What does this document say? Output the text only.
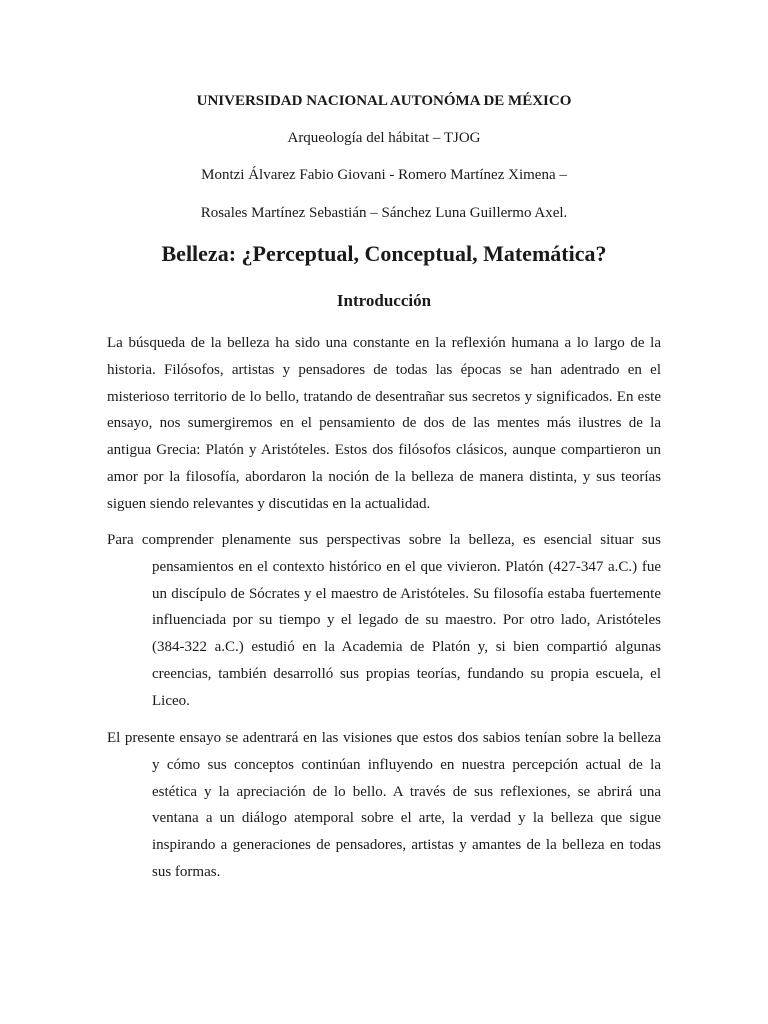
UNIVERSIDAD NACIONAL AUTONÓMA DE MÉXICO
Arqueología del hábitat – TJOG
Montzi Álvarez Fabio Giovani - Romero Martínez Ximena –
Rosales Martínez Sebastián – Sánchez Luna Guillermo Axel.
Belleza: ¿Perceptual, Conceptual, Matemática?
Introducción
La búsqueda de la belleza ha sido una constante en la reflexión humana a lo largo de la
historia. Filósofos, artistas y pensadores de todas las épocas se han adentrado en el
misterioso territorio de lo bello, tratando de desentrañar sus secretos y significados. En este
ensayo, nos sumergiremos en el pensamiento de dos de las mentes más ilustres de la
antigua Grecia: Platón y Aristóteles. Estos dos filósofos clásicos, aunque compartieron un
amor por la filosofía, abordaron la noción de la belleza de manera distinta, y sus teorías
siguen siendo relevantes y discutidas en la actualidad.
Para comprender plenamente sus perspectivas sobre la belleza, es esencial situar sus
pensamientos en el contexto histórico en el que vivieron. Platón (427-347 a.C.) fue
un discípulo de Sócrates y el maestro de Aristóteles. Su filosofía estaba fuertemente
influenciada por su tiempo y el legado de su maestro. Por otro lado, Aristóteles
(384-322 a.C.) estudió en la Academia de Platón y, si bien compartió algunas
creencias, también desarrolló sus propias teorías, fundando su propia escuela, el
Liceo.
El presente ensayo se adentrará en las visiones que estos dos sabios tenían sobre la belleza
y cómo sus conceptos continúan influyendo en nuestra percepción actual de la
estética y la apreciación de lo bello. A través de sus reflexiones, se abrirá una
ventana a un diálogo atemporal sobre el arte, la verdad y la belleza que sigue
inspirando a generaciones de pensadores, artistas y amantes de la belleza en todas
sus formas.
